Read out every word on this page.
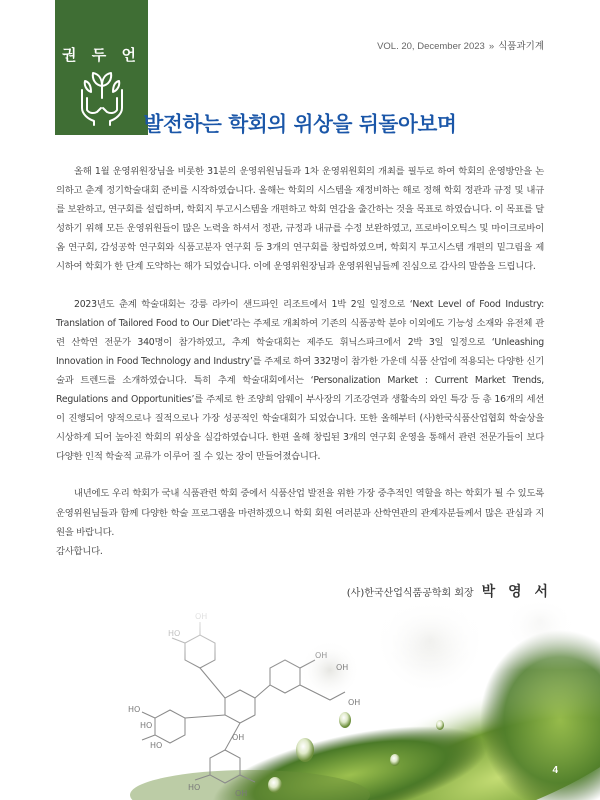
권 두 언	VOL. 20, December 2023 » 식품과기계
발전하는 학회의 위상을 뒤돌아보며

올해 1월 운영위원장님을 비롯한 31분의 운영위원님들과 1차 운영위원회의 개최를 필두로 하여 학회의 운영방안을 논의하고 춘계 정기학술대회 준비를 시작하였습니다. 올해는 학회의 시스템을 재정비하는 해로 정해 학회 정관과 규정 및 내규를 보완하고, 연구회를 설립하며, 학회지 투고시스템을 개편하고 학회 연감을 출간하는 것을 목표로 하였습니다. 이 목표를 달성하기 위해 모든 운영위원들이 많은 노력을 하셔서 정관, 규정과 내규를 수정 보완하였고, 프로바이오틱스 및 마이크로바이옴 연구회, 감성공학 연구회와 식품고분자 연구회 등 3개의 연구회를 창립하였으며, 학회지 투고시스템 개편의 밑그림을 제시하여 학회가 한 단계 도약하는 해가 되었습니다. 이에 운영위원장님과 운영위원님들께 진심으로 감사의 말씀을 드립니다.

2023년도 춘계 학술대회는 강릉 라카이 샌드파인 리조트에서 1박 2일 일정으로 ‘Next Level of Food Industry: Translation of Tailored Food to Our Diet’라는 주제로 개최하여 기존의 식품공학 분야 이외에도 기능성 소재와 유전체 관련 산학연 전문가 340명이 참가하였고, 추계 학술대회는 제주도 휘닉스파크에서 2박 3일 일정으로 ‘Unleashing Innovation in Food Technology and Industry’를 주제로 하여 332명이 참가한 가운데 식품 산업에 적용되는 다양한 신기술과 트렌드를 소개하였습니다. 특히 추계 학술대회에서는 ‘Personalization Market : Current Market Trends, Regulations and Opportunities’를 주제로 한 조양희 암웨이 부사장의 기조강연과 생활속의 와인 특강 등 총 16개의 세션이 진행되어 양적으로나 질적으로나 가장 성공적인 학술대회가 되었습니다. 또한 올해부터 (사)한국식품산업협회 학술상을 시상하게 되어 높아진 학회의 위상을 실감하였습니다. 한편 올해 창립된 3개의 연구회 운영을 통해서 관련 전문가들이 보다 다양한 인적 학술적 교류가 이루어 질 수 있는 장이 만들어졌습니다.

내년에도 우리 학회가 국내 식품관련 학회 중에서 식품산업 발전을 위한 가장 중추적인 역할을 하는 학회가 될 수 있도록 운영위원님들과 함께 다양한 학술 프로그램을 마련하겠으니 학회 회원 여러분과 산학연관의 관계자분들께서 많은 관심과 지원을 바랍니다.

감사합니다.

(사)한국산업식품공학회 회장 박 영 서
4
